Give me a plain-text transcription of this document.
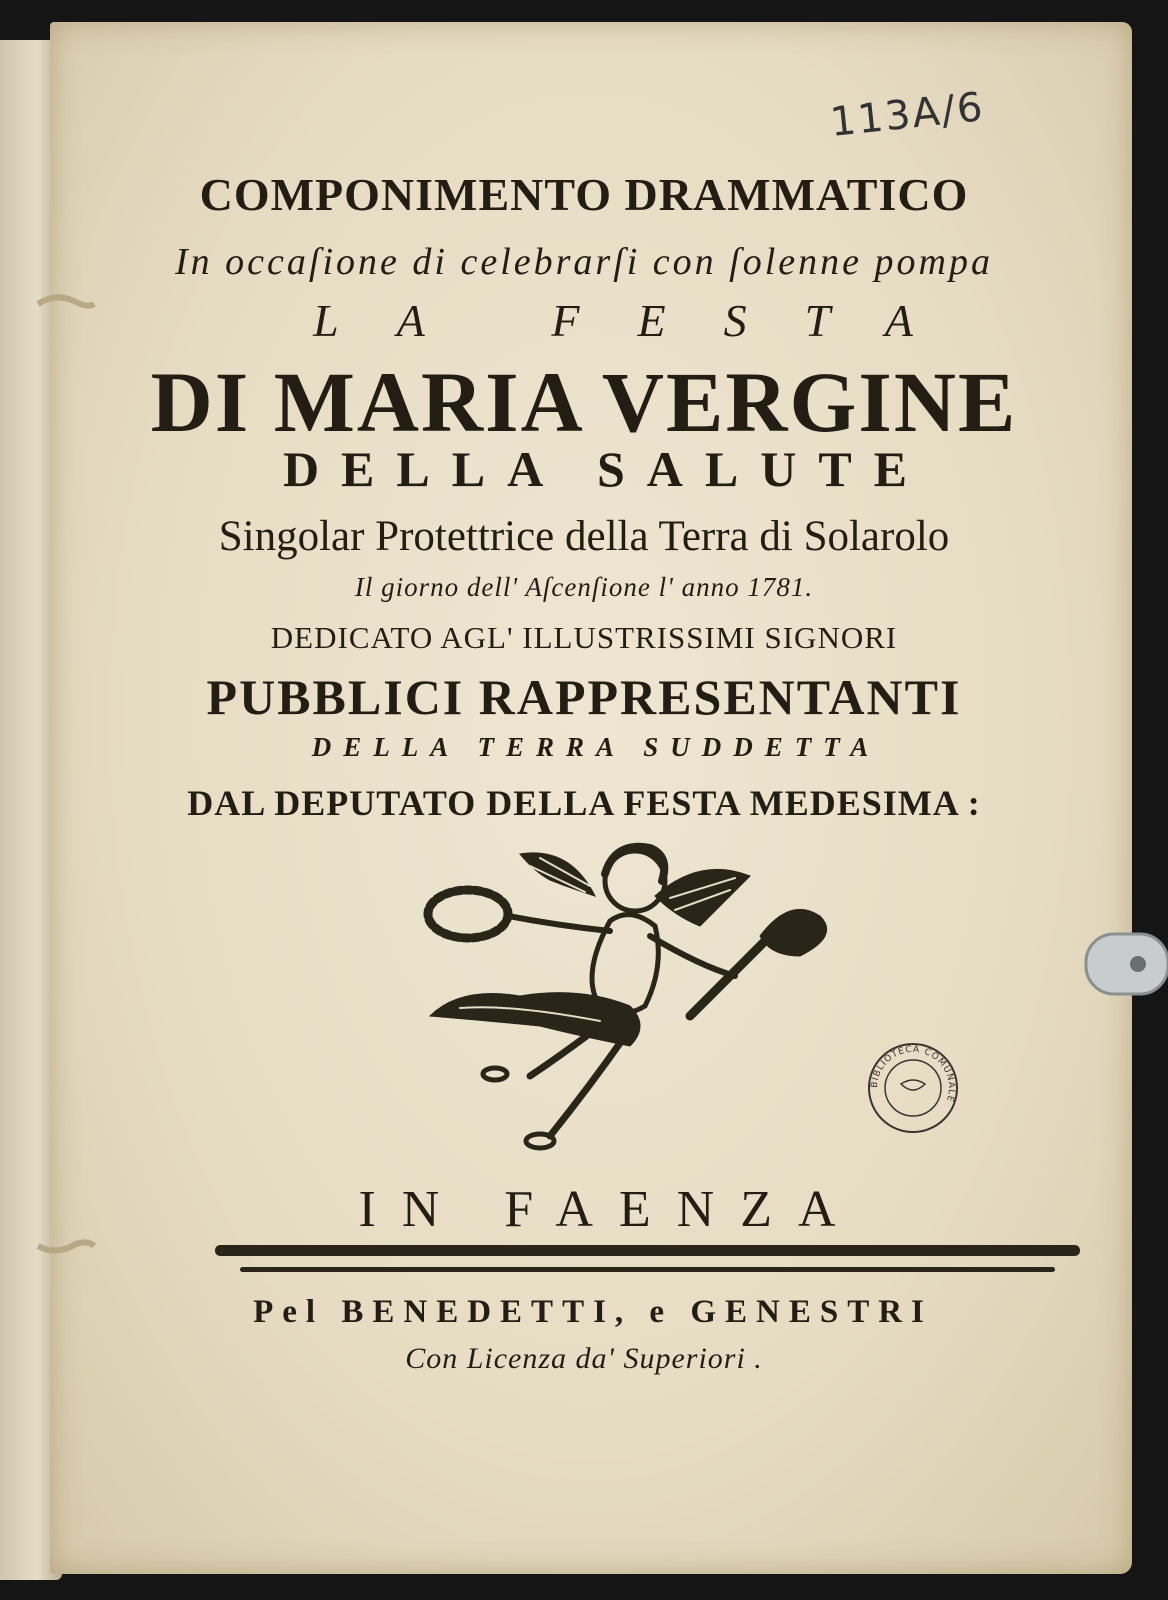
113A/6
COMPONIMENTO DRAMMATICO
In occaſione di celebrarſi con ſolenne pompa
LA FESTA
DI MARIA VERGINE
DELLA SALUTE
Singolar Protettrice della Terra di Solarolo
Il giorno dell' Aſcenſione l' anno 1781.
DEDICATO AGL' ILLUSTRISSIMI SIGNORI
PUBBLICI RAPPRESENTANTI
DELLA TERRA SUDDETTA
DAL DEPUTATO DELLA FESTA MEDESIMA :
BIBLIOTECA COMUNALE
IN FAENZA
Pel BENEDETTI, e GENESTRI
Con Licenza da' Superiori .
